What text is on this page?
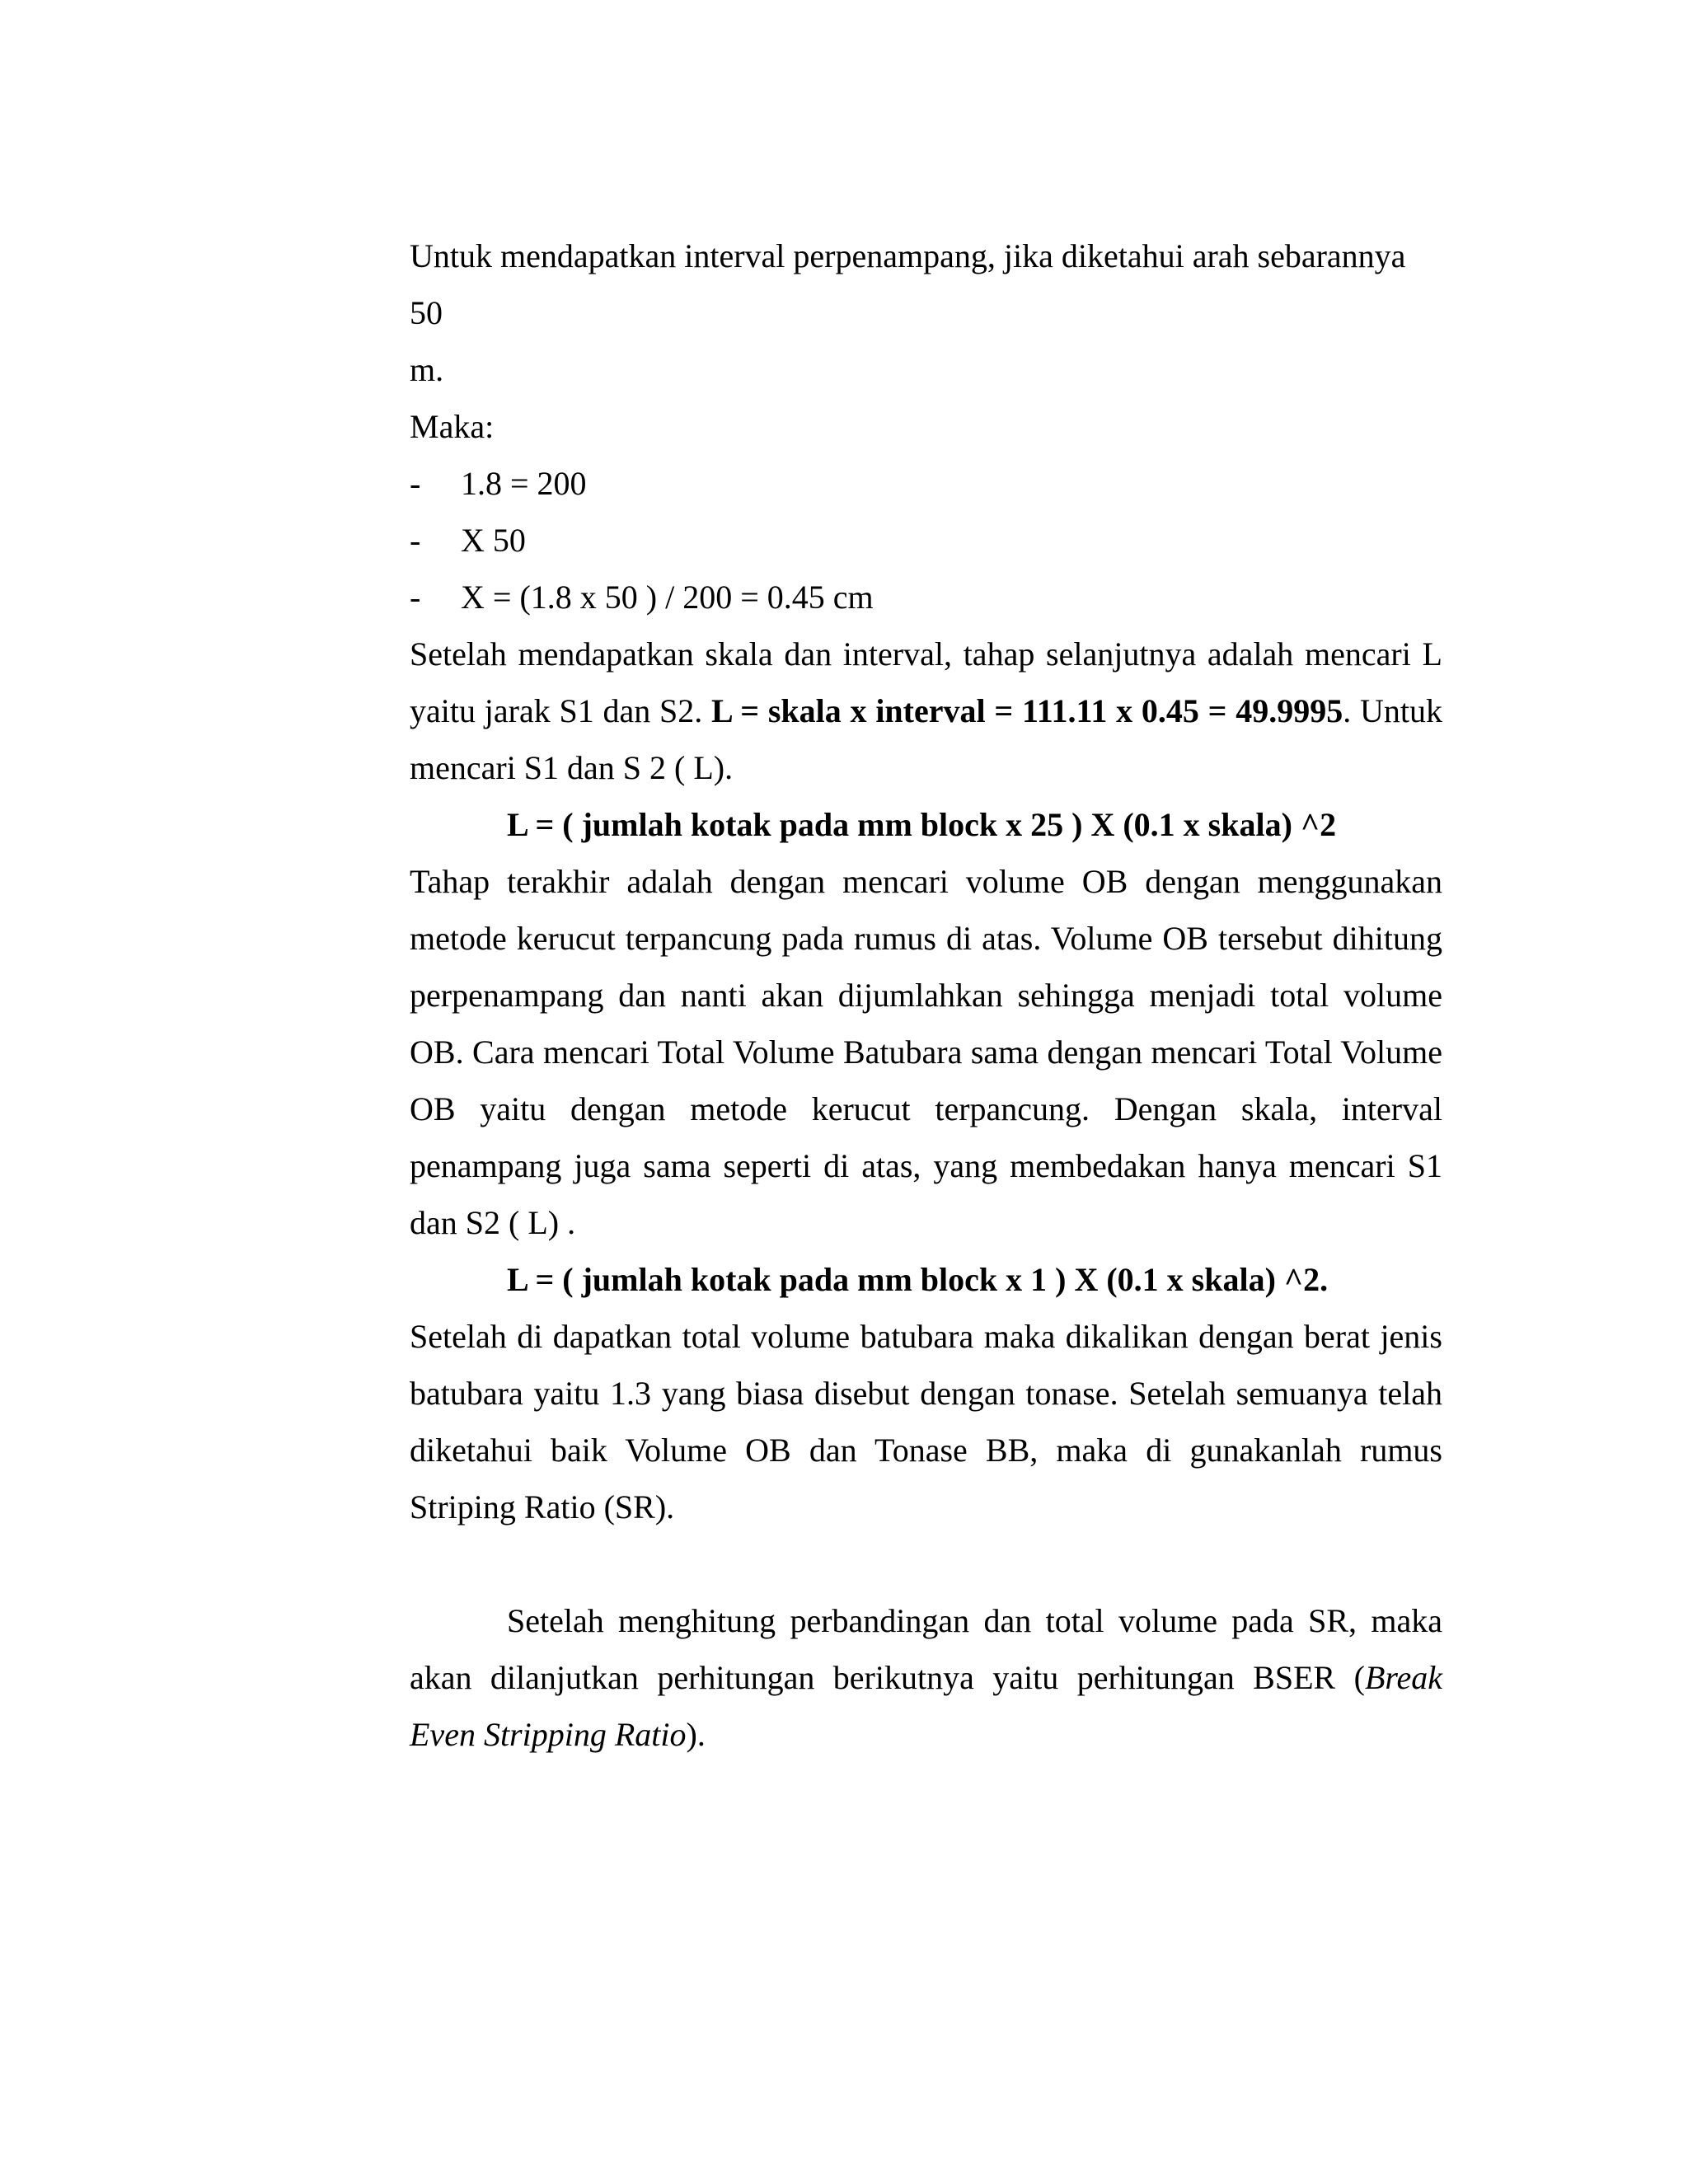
Untuk mendapatkan interval perpenampang, jika diketahui arah sebarannya 50

m.

Maka:

-	1.8 = 200
-	X 50
-	X = (1.8 x 50 ) / 200 = 0.45 cm

Setelah mendapatkan skala dan interval, tahap selanjutnya adalah mencari L yaitu jarak S1 dan S2. L = skala x interval = 111.11 x 0.45 = 49.9995. Untuk mencari S1 dan S 2 ( L).

L = ( jumlah kotak pada mm block x 25 ) X (0.1 x skala) ^2

Tahap terakhir adalah dengan mencari volume OB dengan menggunakan metode kerucut terpancung pada rumus di atas. Volume OB tersebut dihitung perpenampang dan nanti akan dijumlahkan sehingga menjadi total volume OB. Cara mencari Total Volume Batubara sama dengan mencari Total Volume OB yaitu dengan metode kerucut terpancung. Dengan skala, interval penampang juga sama seperti di atas, yang membedakan hanya mencari S1 dan S2 ( L) .

L = ( jumlah kotak pada mm block x 1 ) X (0.1 x skala) ^2.

Setelah di dapatkan total volume batubara maka dikalikan dengan berat jenis batubara yaitu 1.3 yang biasa disebut dengan tonase. Setelah semuanya telah diketahui baik Volume OB dan Tonase BB, maka di gunakanlah rumus Striping Ratio (SR).

Setelah menghitung perbandingan dan total volume pada SR, maka akan dilanjutkan perhitungan berikutnya yaitu perhitungan BSER (Break Even Stripping Ratio).
